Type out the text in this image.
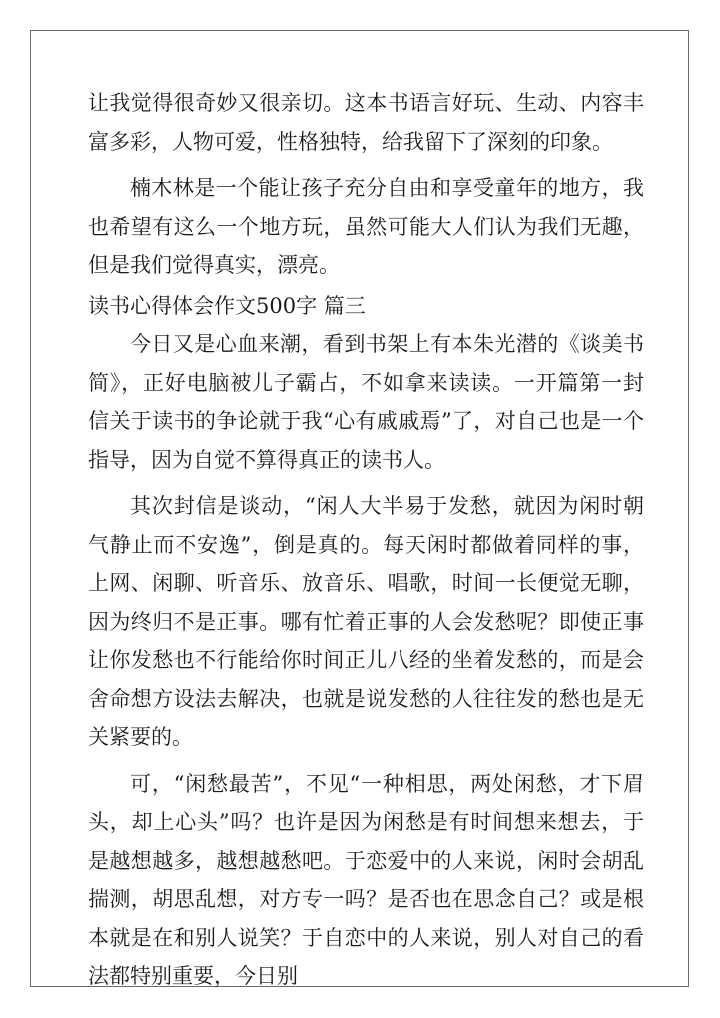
让我觉得很奇妙又很亲切。这本书语言好玩、生动、内容丰富多彩，人物可爱，性格独特，给我留下了深刻的印象。

楠木林是一个能让孩子充分自由和享受童年的地方，我也希望有这么一个地方玩，虽然可能大人们认为我们无趣，但是我们觉得真实，漂亮。

读书心得体会作文500字 篇三

今日又是心血来潮，看到书架上有本朱光潜的《谈美书简》，正好电脑被儿子霸占，不如拿来读读。一开篇第一封信关于读书的争论就于我“心有戚戚焉”了，对自己也是一个指导，因为自觉不算得真正的读书人。

其次封信是谈动，“闲人大半易于发愁，就因为闲时朝气静止而不安逸”，倒是真的。每天闲时都做着同样的事，上网、闲聊、听音乐、放音乐、唱歌，时间一长便觉无聊，因为终归不是正事。哪有忙着正事的人会发愁呢？即使正事让你发愁也不行能给你时间正儿八经的坐着发愁的，而是会舍命想方设法去解决，也就是说发愁的人往往发的愁也是无关紧要的。

可，“闲愁最苦”，不见“一种相思，两处闲愁，才下眉头，却上心头”吗？也许是因为闲愁是有时间想来想去，于是越想越多，越想越愁吧。于恋爱中的人来说，闲时会胡乱揣测，胡思乱想，对方专一吗？是否也在思念自己？或是根本就是在和别人说笑？于自恋中的人来说，别人对自己的看法都特别重要，今日别
